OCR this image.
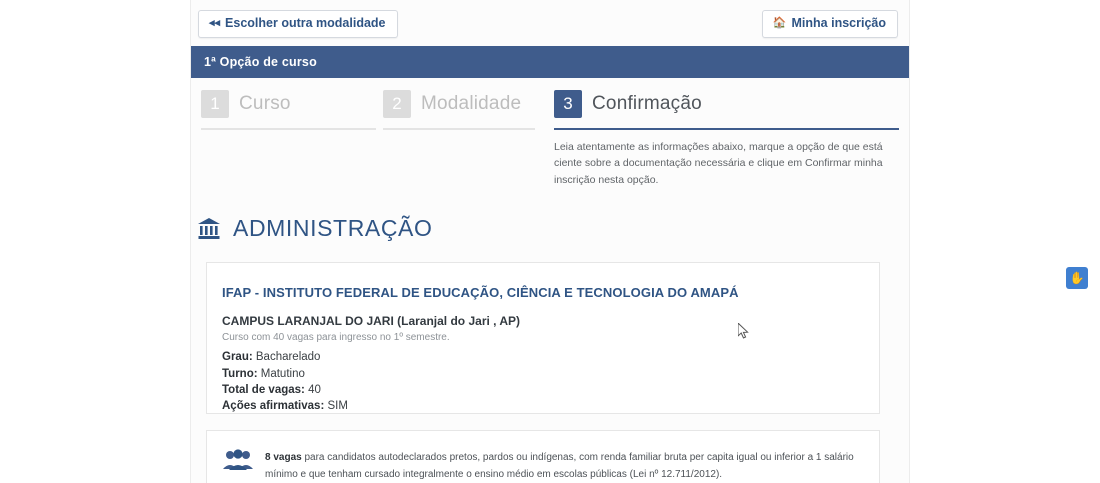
◂◂ Escolher outra modalidade	🏠 Minha inscrição
1ª Opção de curso
1 Curso	2 Modalidade	3 Confirmação
Leia atentamente as informações abaixo, marque a opção de que está ciente sobre a documentação necessária e clique em Confirmar minha inscrição nesta opção.
ADMINISTRAÇÃO
IFAP - INSTITUTO FEDERAL DE EDUCAÇÃO, CIÊNCIA E TECNOLOGIA DO AMAPÁ
CAMPUS LARANJAL DO JARI (Laranjal do Jari , AP)
Curso com 40 vagas para ingresso no 1º semestre.
Grau: Bacharelado
Turno: Matutino
Total de vagas: 40
Ações afirmativas: SIM
8 vagas para candidatos autodeclarados pretos, pardos ou indígenas, com renda familiar bruta per capita igual ou inferior a 1 salário mínimo e que tenham cursado integralmente o ensino médio em escolas públicas (Lei nº 12.711/2012).
✋
